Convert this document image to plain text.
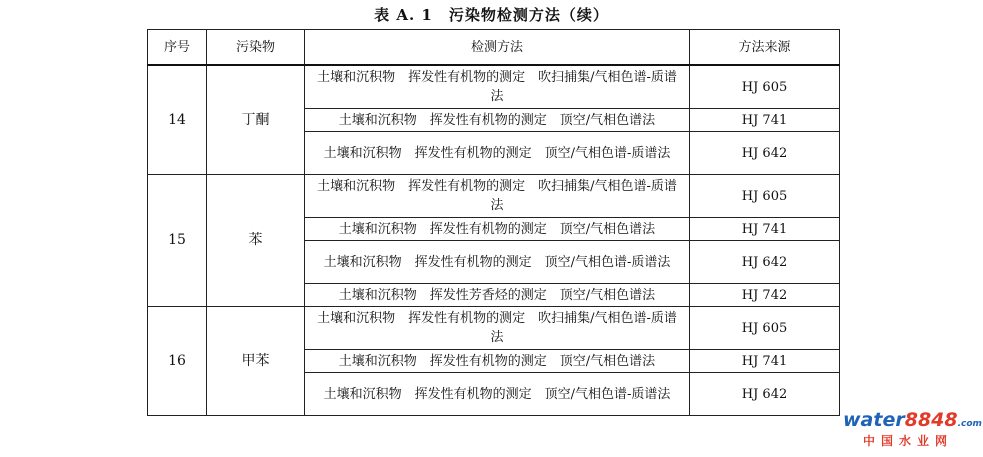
表 A. 1　污染物检测方法（续）
序号	污染物	检测方法	方法来源
14	丁酮	土壤和沉积物　挥发性有机物的测定　吹扫捕集/气相色谱-质谱法	HJ 605
		土壤和沉积物　挥发性有机物的测定　顶空/气相色谱法	HJ 741
		土壤和沉积物　挥发性有机物的测定　顶空/气相色谱-质谱法	HJ 642
15	苯	土壤和沉积物　挥发性有机物的测定　吹扫捕集/气相色谱-质谱法	HJ 605
		土壤和沉积物　挥发性有机物的测定　顶空/气相色谱法	HJ 741
		土壤和沉积物　挥发性有机物的测定　顶空/气相色谱-质谱法	HJ 642
		土壤和沉积物　挥发性芳香烃的测定　顶空/气相色谱法	HJ 742
16	甲苯	土壤和沉积物　挥发性有机物的测定　吹扫捕集/气相色谱-质谱法	HJ 605
		土壤和沉积物　挥发性有机物的测定　顶空/气相色谱法	HJ 741
		土壤和沉积物　挥发性有机物的测定　顶空/气相色谱-质谱法	HJ 642
water8848.com
中国水业网
